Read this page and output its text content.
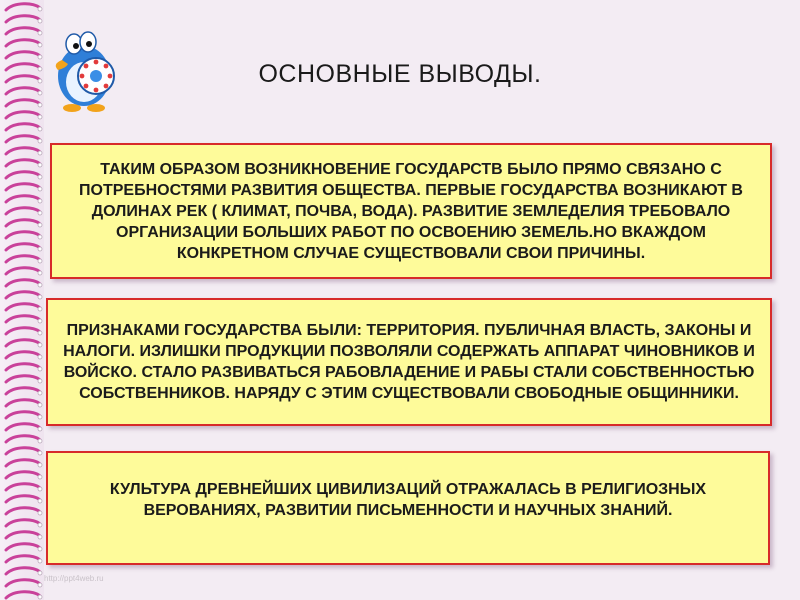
ОСНОВНЫЕ ВЫВОДЫ.
ТАКИМ ОБРАЗОМ ВОЗНИКНОВЕНИЕ ГОСУДАРСТВ БЫЛО ПРЯМО СВЯЗАНО С ПОТРЕБНОСТЯМИ РАЗВИТИЯ ОБЩЕСТВА. ПЕРВЫЕ ГОСУДАРСТВА ВОЗНИКАЮТ В ДОЛИНАХ РЕК ( КЛИМАТ, ПОЧВА, ВОДА). РАЗВИТИЕ ЗЕМЛЕДЕЛИЯ ТРЕБОВАЛО ОРГАНИЗАЦИИ БОЛЬШИХ РАБОТ ПО ОСВОЕНИЮ ЗЕМЕЛЬ.НО ВКАЖДОМ КОНКРЕТНОМ СЛУЧАЕ СУЩЕСТВОВАЛИ СВОИ ПРИЧИНЫ.
ПРИЗНАКАМИ ГОСУДАРСТВА БЫЛИ: ТЕРРИТОРИЯ. ПУБЛИЧНАЯ ВЛАСТЬ, ЗАКОНЫ И НАЛОГИ. ИЗЛИШКИ ПРОДУКЦИИ ПОЗВОЛЯЛИ СОДЕРЖАТЬ АППАРАТ ЧИНОВНИКОВ И ВОЙСКО. СТАЛО РАЗВИВАТЬСЯ РАБОВЛАДЕНИЕ И РАБЫ СТАЛИ СОБСТВЕННОСТЬЮ СОБСТВЕННИКОВ. НАРЯДУ С ЭТИМ СУЩЕСТВОВАЛИ СВОБОДНЫЕ ОБЩИННИКИ.
КУЛЬТУРА ДРЕВНЕЙШИХ ЦИВИЛИЗАЦИЙ ОТРАЖАЛАСЬ В РЕЛИГИОЗНЫХ ВЕРОВАНИЯХ, РАЗВИТИИ ПИСЬМЕННОСТИ И НАУЧНЫХ ЗНАНИЙ.
http://ppt4web.ru
